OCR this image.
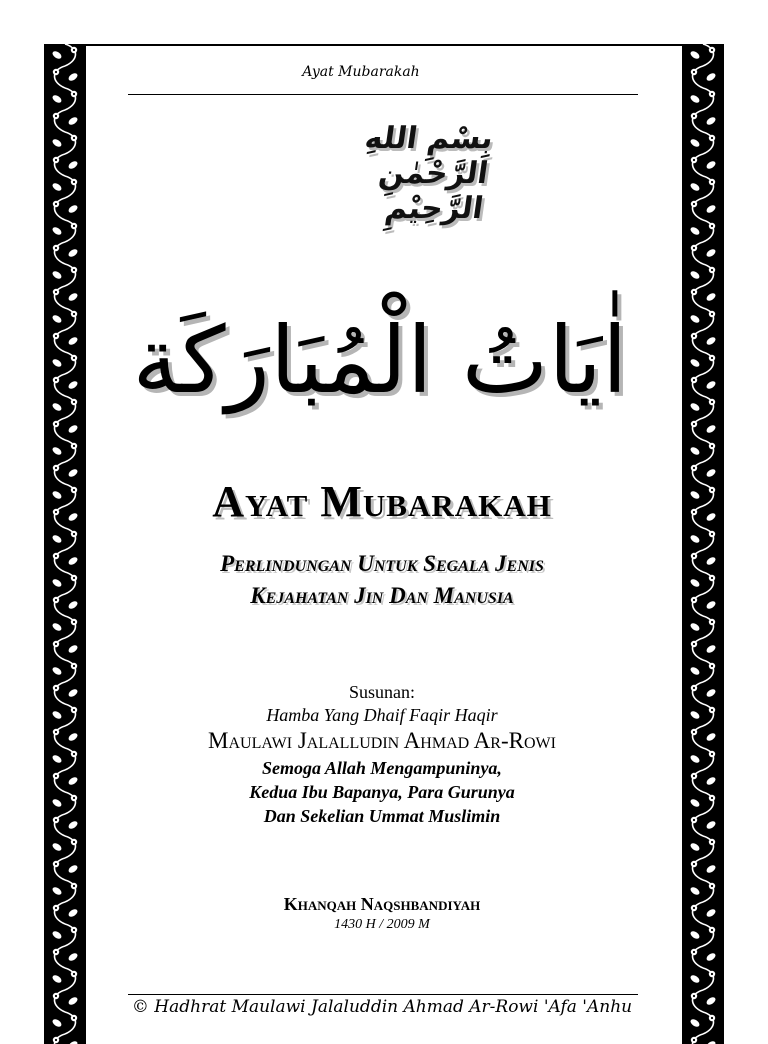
Ayat Mubarakah
بِسْمِ اللهِ الرَّحْمٰنِ الرَّحِيْمِ
اٰيَاتُ الْمُبَارَكَة
Ayat Mubarakah
Perlindungan Untuk Segala Jenis
Kejahatan Jin Dan Manusia
Susunan:
Hamba Yang Dhaif Faqir Haqir
Maulawi Jalalludin Ahmad Ar-Rowi
Semoga Allah Mengampuninya,
Kedua Ibu Bapanya, Para Gurunya
Dan Sekelian Ummat Muslimin
Khanqah Naqshbandiyah
1430 H / 2009 M
© Hadhrat Maulawi Jalaluddin Ahmad Ar-Rowi 'Afa 'Anhu
